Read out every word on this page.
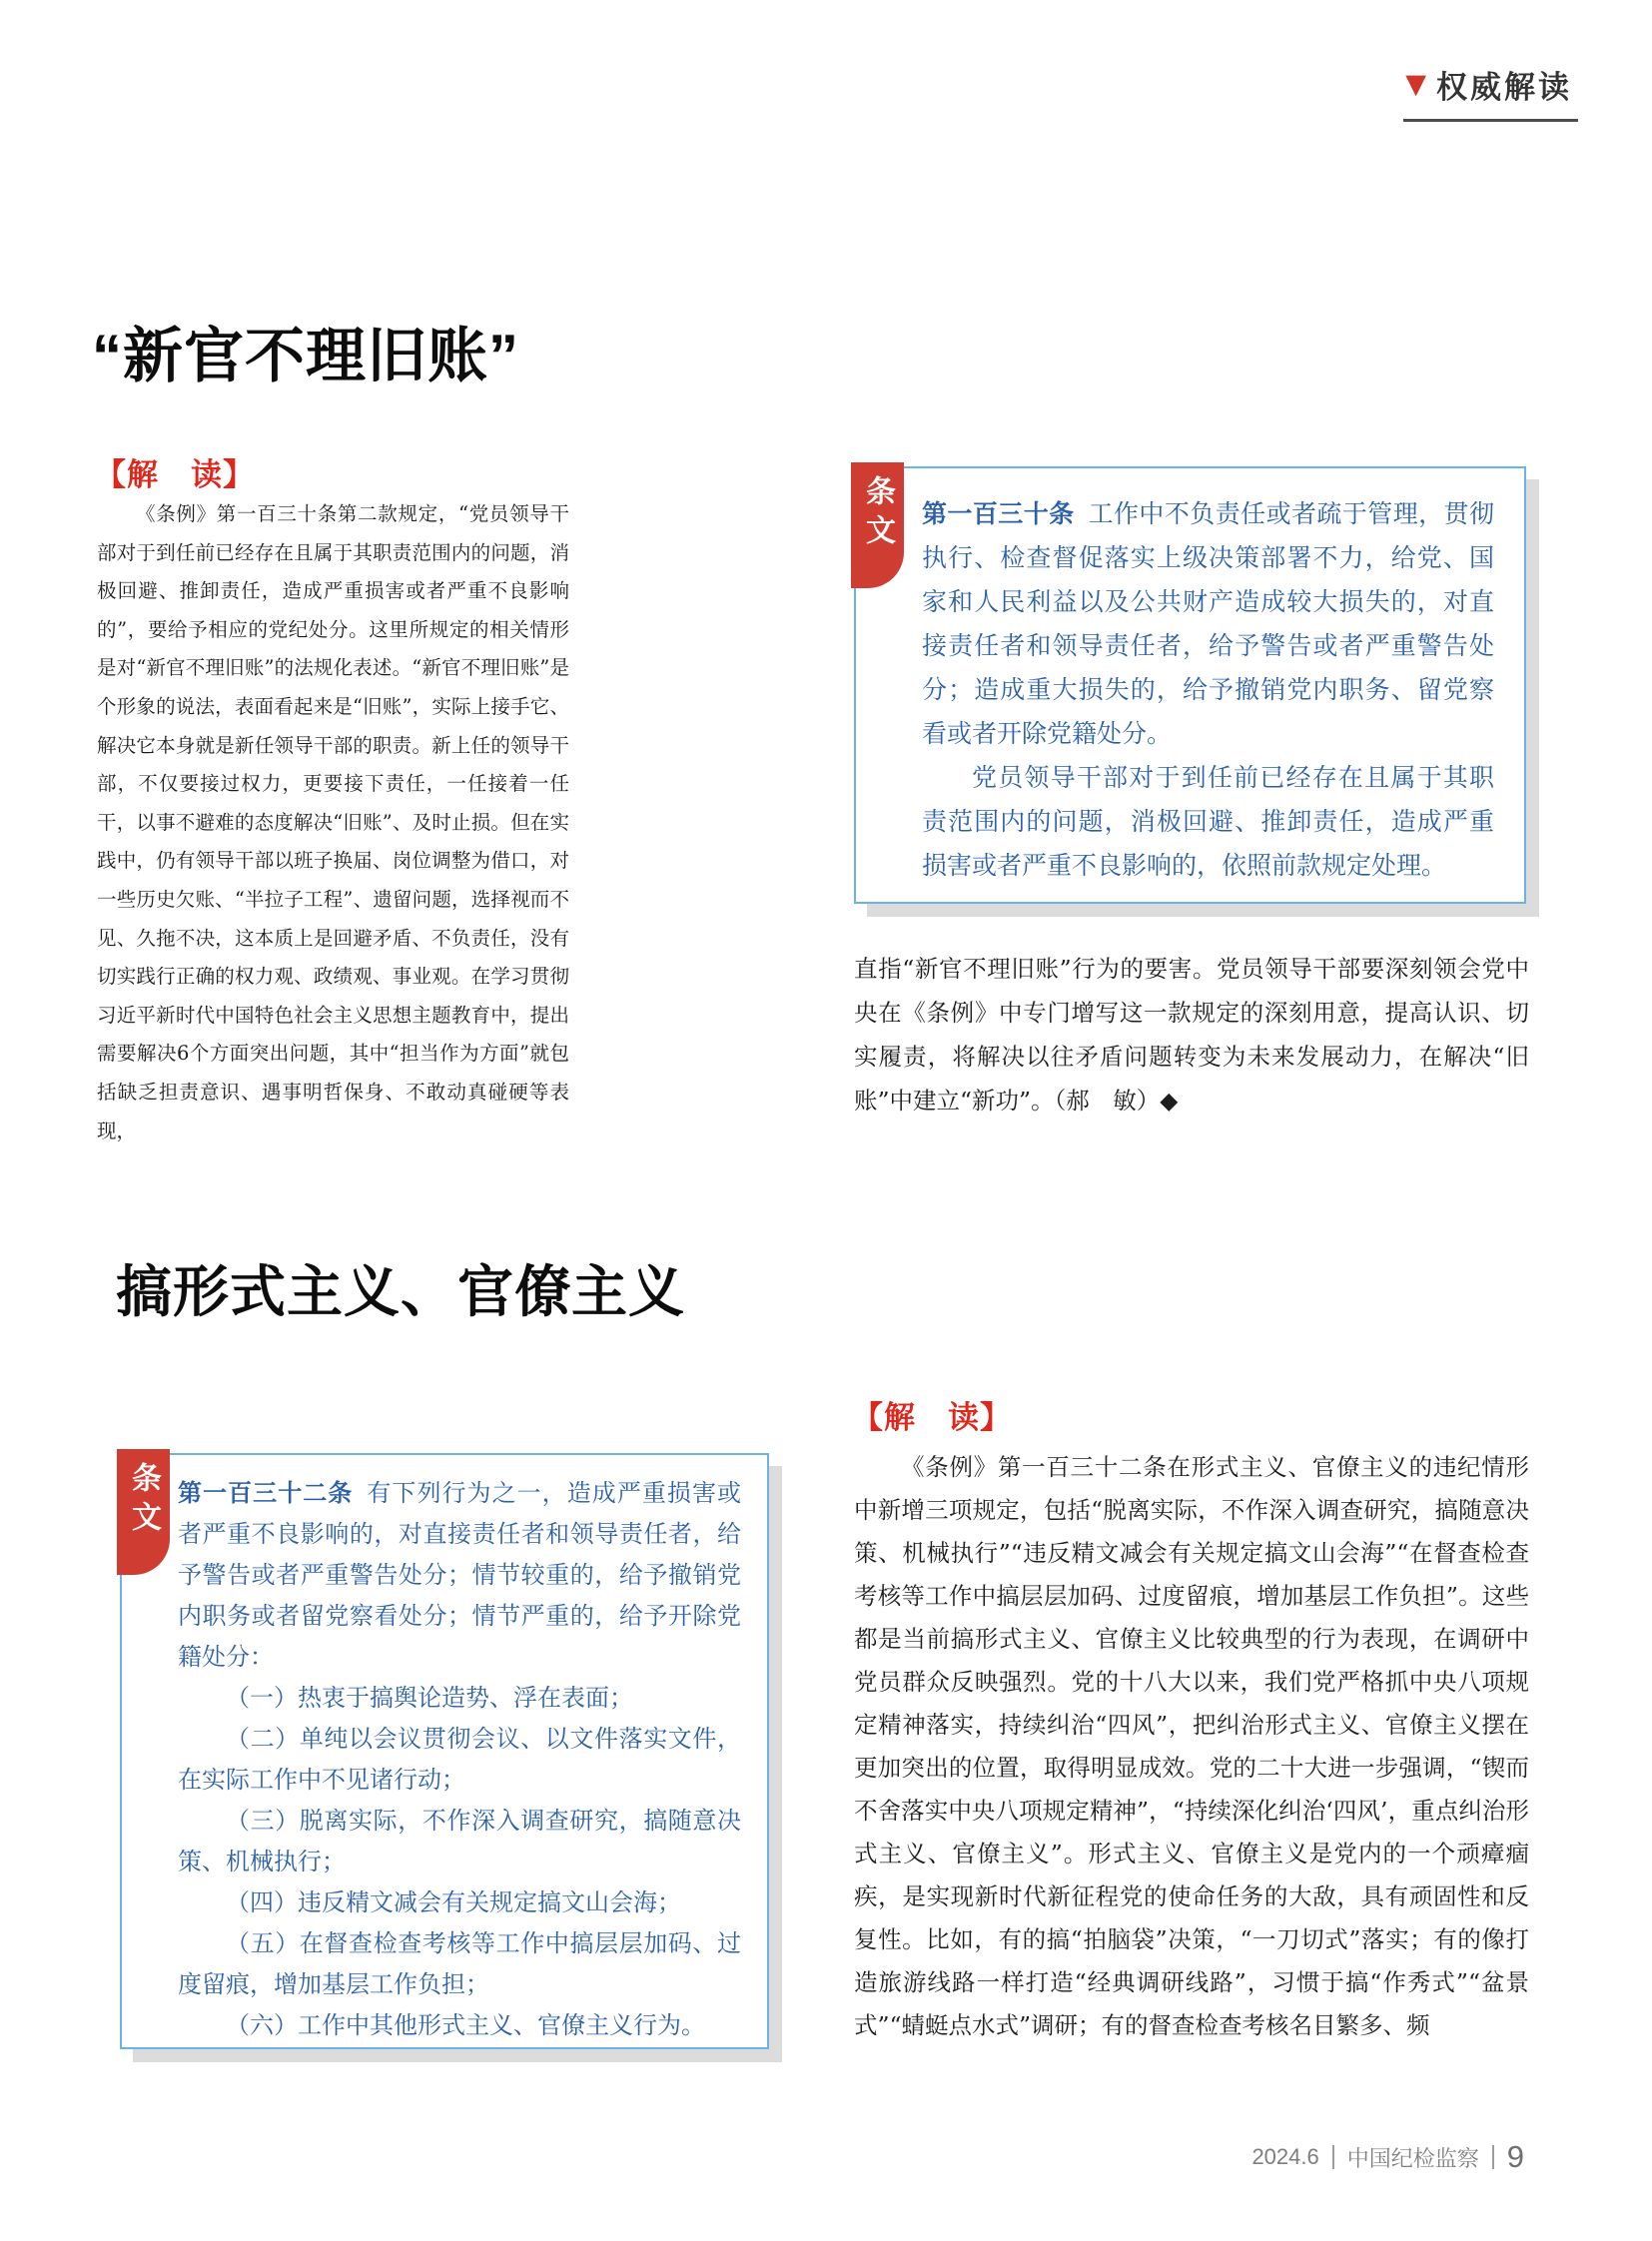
▼ 权威解读
“新官不理旧账”
【解　读】

《条例》第一百三十条第二款规定，“党员领导干部对于到任前已经存在且属于其职责范围内的问题，消极回避、推卸责任，造成严重损害或者严重不良影响的”，要给予相应的党纪处分。这里所规定的相关情形是对“新官不理旧账”的法规化表述。“新官不理旧账”是个形象的说法，表面看起来是“旧账”，实际上接手它、解决它本身就是新任领导干部的职责。新上任的领导干部，不仅要接过权力，更要接下责任，一任接着一任干，以事不避难的态度解决“旧账”、及时止损。但在实践中，仍有领导干部以班子换届、岗位调整为借口，对一些历史欠账、“半拉子工程”、遗留问题，选择视而不见、久拖不决，这本质上是回避矛盾、不负责任，没有切实践行正确的权力观、政绩观、事业观。在学习贯彻习近平新时代中国特色社会主义思想主题教育中，提出需要解决6个方面突出问题，其中“担当作为方面”就包括缺乏担责意识、遇事明哲保身、不敢动真碰硬等表现，

条文	第一百三十条 工作中不负责任或者疏于管理，贯彻执行、检查督促落实上级决策部署不力，给党、国家和人民利益以及公共财产造成较大损失的，对直接责任者和领导责任者，给予警告或者严重警告处分；造成重大损失的，给予撤销党内职务、留党察看或者开除党籍处分。

党员领导干部对于到任前已经存在且属于其职责范围内的问题，消极回避、推卸责任，造成严重损害或者严重不良影响的，依照前款规定处理。

直指“新官不理旧账”行为的要害。党员领导干部要深刻领会党中央在《条例》中专门增写这一款规定的深刻用意，提高认识、切实履责，将解决以往矛盾问题转变为未来发展动力，在解决“旧账”中建立“新功”。（郝　敏）◆

搞形式主义、官僚主义
条文 第一百三十二条 有下列行为之一，造成严重损害或者严重不良影响的，对直接责任者和领导责任者，给予警告或者严重警告处分；情节较重的，给予撤销党内职务或者留党察看处分；情节严重的，给予开除党籍处分：

（一）热衷于搞舆论造势、浮在表面；

（二）单纯以会议贯彻会议、以文件落实文件，在实际工作中不见诸行动；

（三）脱离实际，不作深入调查研究，搞随意决策、机械执行；

（四）违反精文减会有关规定搞文山会海；

（五）在督查检查考核等工作中搞层层加码、过度留痕，增加基层工作负担；

（六）工作中其他形式主义、官僚主义行为。

【解　读】

《条例》第一百三十二条在形式主义、官僚主义的违纪情形中新增三项规定，包括“脱离实际，不作深入调查研究，搞随意决策、机械执行”“违反精文减会有关规定搞文山会海”“在督查检查考核等工作中搞层层加码、过度留痕，增加基层工作负担”。这些都是当前搞形式主义、官僚主义比较典型的行为表现，在调研中党员群众反映强烈。党的十八大以来，我们党严格抓中央八项规定精神落实，持续纠治“四风”，把纠治形式主义、官僚主义摆在更加突出的位置，取得明显成效。党的二十大进一步强调，“锲而不舍落实中央八项规定精神”，“持续深化纠治‘四风’，重点纠治形式主义、官僚主义”。形式主义、官僚主义是党内的一个顽瘴痼疾，是实现新时代新征程党的使命任务的大敌，具有顽固性和反复性。比如，有的搞“拍脑袋”决策，“一刀切式”落实；有的像打造旅游线路一样打造“经典调研线路”，习惯于搞“作秀式”“盆景式”“蜻蜓点水式”调研；有的督查检查考核名目繁多、频

2024.6 中国纪检监察 9
